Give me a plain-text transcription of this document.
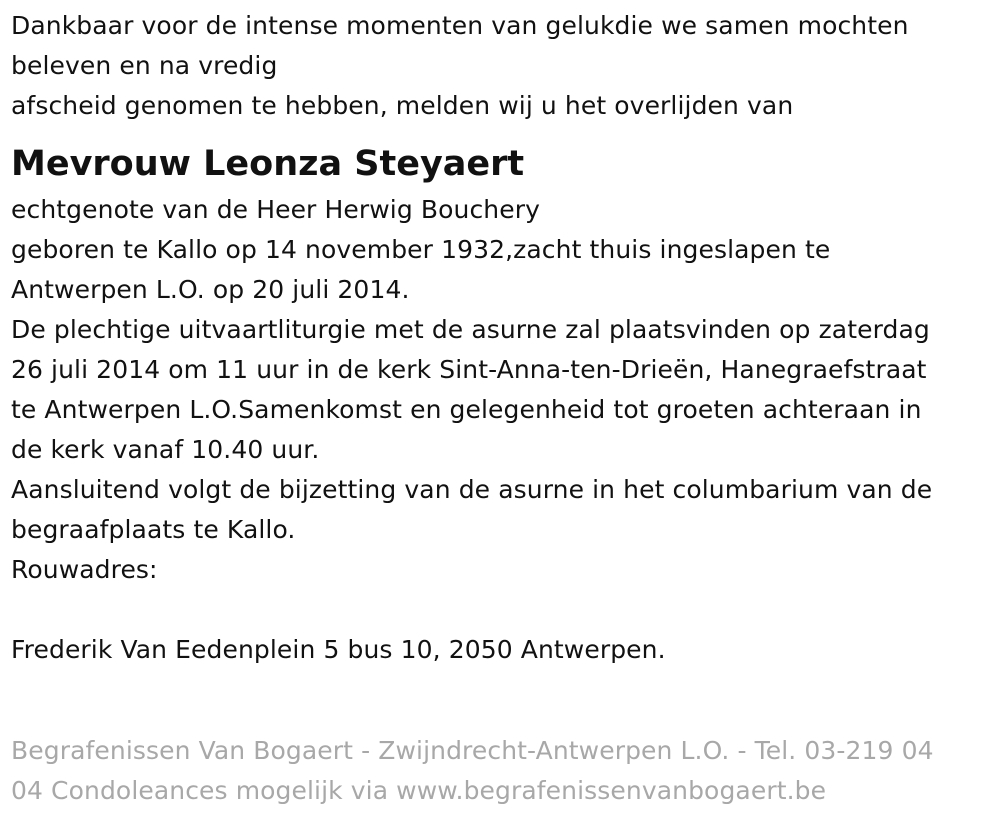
Dankbaar voor de intense momenten van gelukdie we samen mochten
beleven en na vredig
afscheid genomen te hebben, melden wij u het overlijden van
Mevrouw Leonza Steyaert
echtgenote van de Heer Herwig Bouchery
geboren te Kallo op 14 november 1932,zacht thuis ingeslapen te
Antwerpen L.O. op 20 juli 2014.
De plechtige uitvaartliturgie met de asurne zal plaatsvinden op zaterdag
26 juli 2014 om 11 uur in de kerk Sint-Anna-ten-Drieën, Hanegraefstraat
te Antwerpen L.O.Samenkomst en gelegenheid tot groeten achteraan in
de kerk vanaf 10.40 uur.
Aansluitend volgt de bijzetting van de asurne in het columbarium van de
begraafplaats te Kallo.
Rouwadres:
Frederik Van Eedenplein 5 bus 10, 2050 Antwerpen.
Begrafenissen Van Bogaert - Zwijndrecht-Antwerpen L.O. - Tel. 03-219 04
04 Condoleances mogelijk via www.begrafenissenvanbogaert.be
